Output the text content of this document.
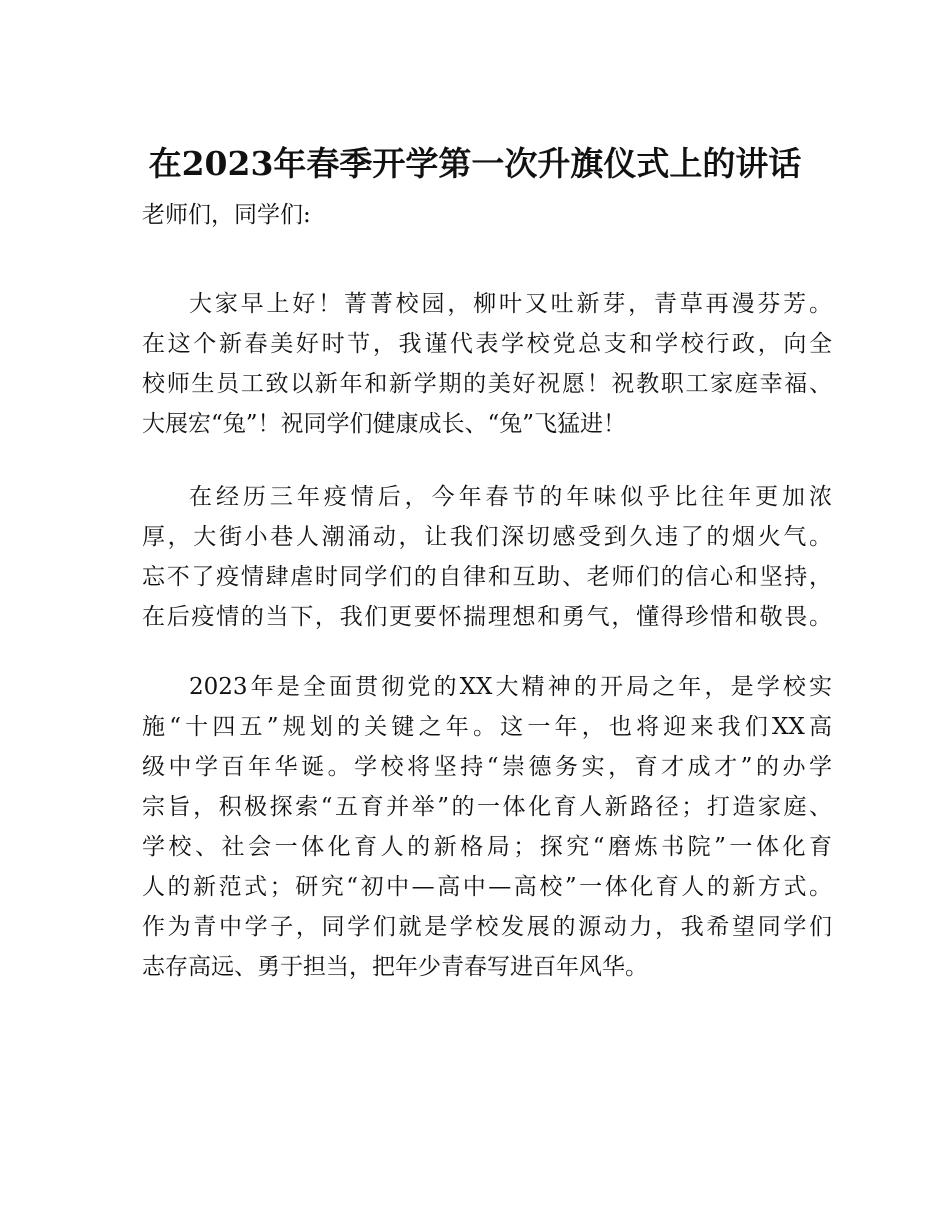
在2023年春季开学第一次升旗仪式上的讲话
老师们，同学们:
大家早上好！菁菁校园，柳叶又吐新芽，青草再漫芬芳。
在这个新春美好时节，我谨代表学校党总支和学校行政，向全
校师生员工致以新年和新学期的美好祝愿！祝教职工家庭幸福、
大展宏“兔”！祝同学们健康成长、“兔”飞猛进！
在经历三年疫情后，今年春节的年味似乎比往年更加浓
厚，大街小巷人潮涌动，让我们深切感受到久违了的烟火气。
忘不了疫情肆虐时同学们的自律和互助、老师们的信心和坚持，
在后疫情的当下，我们更要怀揣理想和勇气，懂得珍惜和敬畏。
2023年是全面贯彻党的XX大精神的开局之年，是学校实
施“十四五”规划的关键之年。这一年，也将迎来我们XX高
级中学百年华诞。学校将坚持“崇德务实，育才成才”的办学
宗旨，积极探索“五育并举”的一体化育人新路径；打造家庭、
学校、社会一体化育人的新格局；探究“磨炼书院”一体化育
人的新范式；研究“初中—高中—高校”一体化育人的新方式。
作为青中学子，同学们就是学校发展的源动力，我希望同学们
志存高远、勇于担当，把年少青春写进百年风华。
